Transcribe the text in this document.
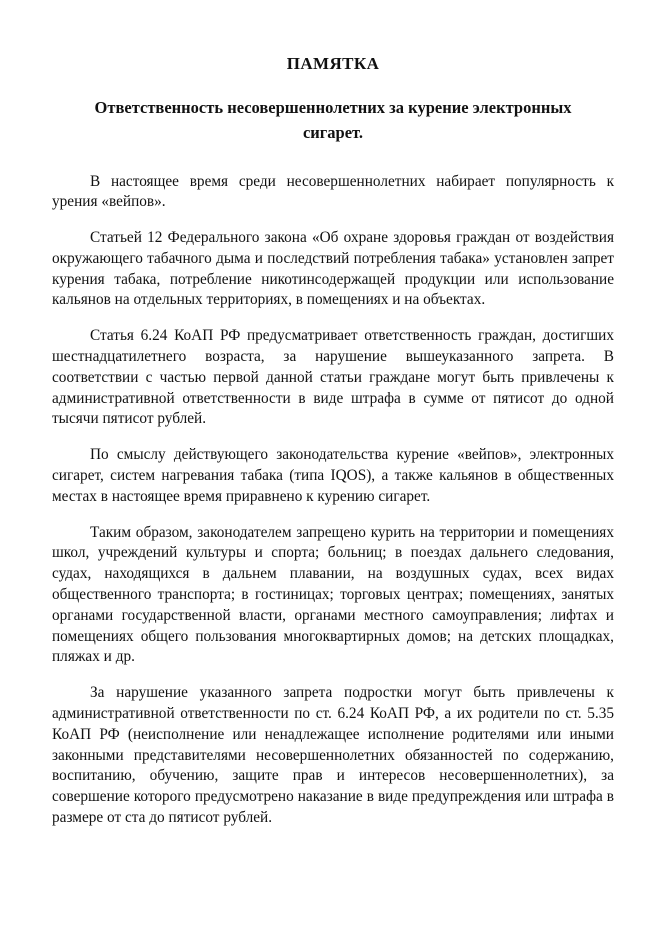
ПАМЯТКА
Ответственность несовершеннолетних за курение электронных сигарет.

В настоящее время среди несовершеннолетних набирает популярность к урения «вейпов».

Статьей 12 Федерального закона «Об охране здоровья граждан от воздействия окружающего табачного дыма и последствий потребления табака» установлен запрет курения табака, потребление никотинсодержащей продукции или использование кальянов на отдельных территориях, в помещениях и на объектах.

Статья 6.24 КоАП РФ предусматривает ответственность граждан, достигших шестнадцатилетнего возраста, за нарушение вышеуказанного запрета. В соответствии с частью первой данной статьи граждане могут быть привлечены к административной ответственности в виде штрафа в сумме от пятисот до одной тысячи пятисот рублей.

По смыслу действующего законодательства курение «вейпов», электронных сигарет, систем нагревания табака (типа IQOS), а также кальянов в общественных местах в настоящее время приравнено к курению сигарет.

Таким образом, законодателем запрещено курить на территории и помещениях школ, учреждений культуры и спорта; больниц; в поездах дальнего следования, судах, находящихся в дальнем плавании, на воздушных судах, всех видах общественного транспорта; в гостиницах; торговых центрах; помещениях, занятых органами государственной власти, органами местного самоуправления; лифтах и помещениях общего пользования многоквартирных домов; на детских площадках, пляжах и др.

За нарушение указанного запрета подростки могут быть привлечены к административной ответственности по ст. 6.24 КоАП РФ, а их родители по ст. 5.35 КоАП РФ (неисполнение или ненадлежащее исполнение родителями или иными законными представителями несовершеннолетних обязанностей по содержанию, воспитанию, обучению, защите прав и интересов несовершеннолетних), за совершение которого предусмотрено наказание в виде предупреждения или штрафа в размере от ста до пятисот рублей.
